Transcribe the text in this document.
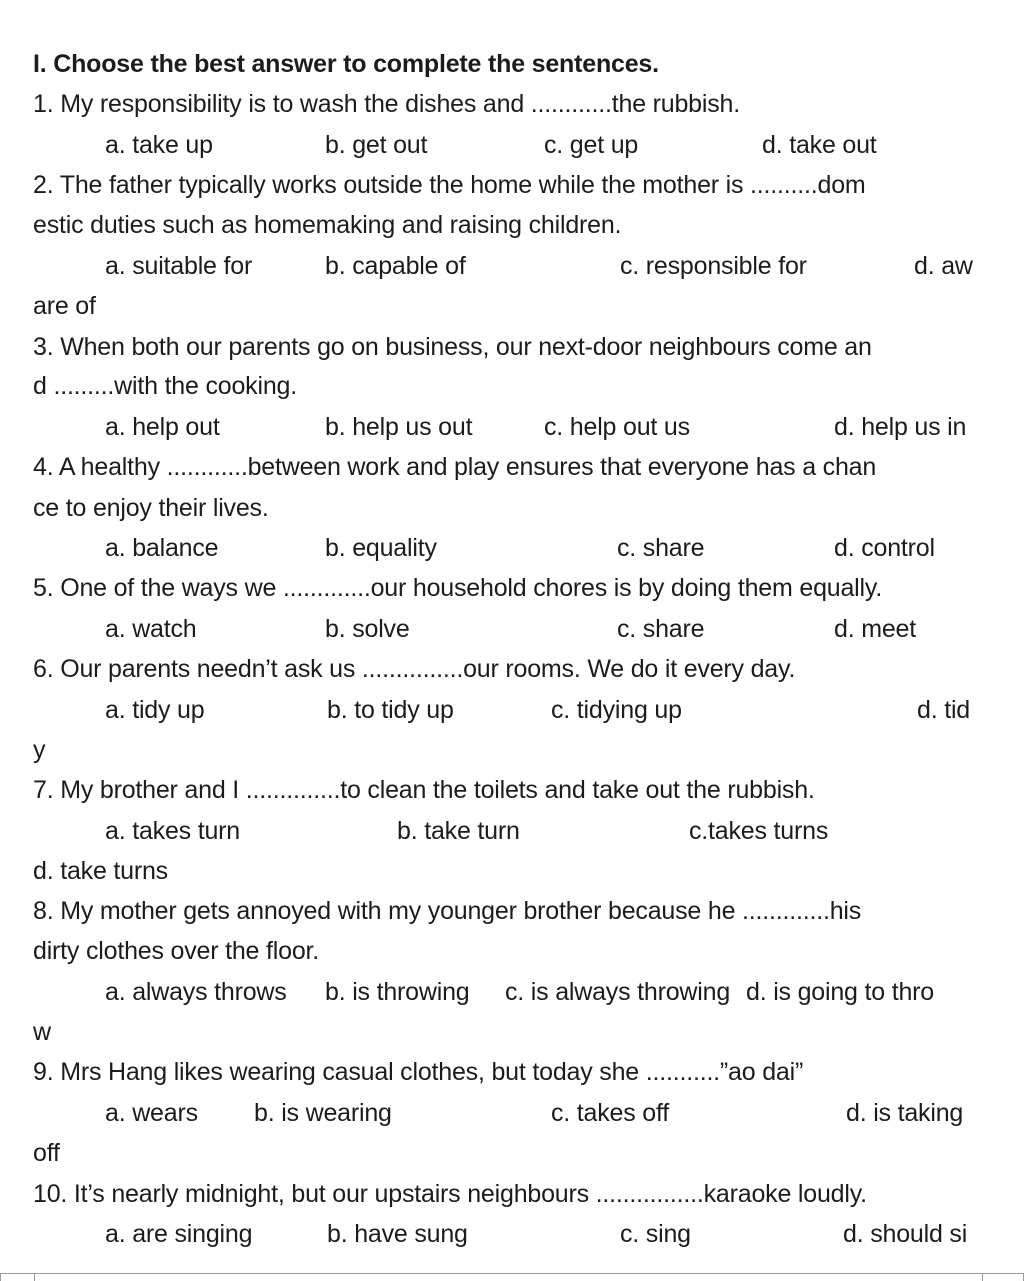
I. Choose the best answer to complete the sentences.
1. My responsibility is to wash the dishes and ............the rubbish.
a. take up	b. get out	c. get up	d. take out
2. The father typically works outside the home while the mother is ..........dom
estic duties such as homemaking and raising children.
a. suitable for	b. capable of	c. responsible for	d. aw
are of
3. When both our parents go on business, our next-door neighbours come an
d .........with the cooking.
a. help out	b. help us out	c. help out us	d. help us in
4. A healthy ............between work and play ensures that everyone has a chan
ce to enjoy their lives.
a. balance	b. equality	c. share	d. control
5. One of the ways we .............our household chores is by doing them equally.
a. watch	b. solve	c. share	d. meet
6. Our parents needn’t ask us ...............our rooms. We do it every day.
a. tidy up	b. to tidy up	c. tidying up	d. tid
y
7. My brother and I ..............to clean the toilets and take out the rubbish.
a. takes turn	b. take turn	c.takes turns
d. take turns
8. My mother gets annoyed with my younger brother because he .............his
dirty clothes over the floor.
a. always throws b. is throwing c. is always throwing d. is going to thro
w
9. Mrs Hang likes wearing casual clothes, but today she ...........”ao dai”
a. wears b. is wearing	c. takes off	d. is taking
off
10. It’s nearly midnight, but our upstairs neighbours ................karaoke loudly.
a. are singing	b. have sung	c. sing	d. should si
